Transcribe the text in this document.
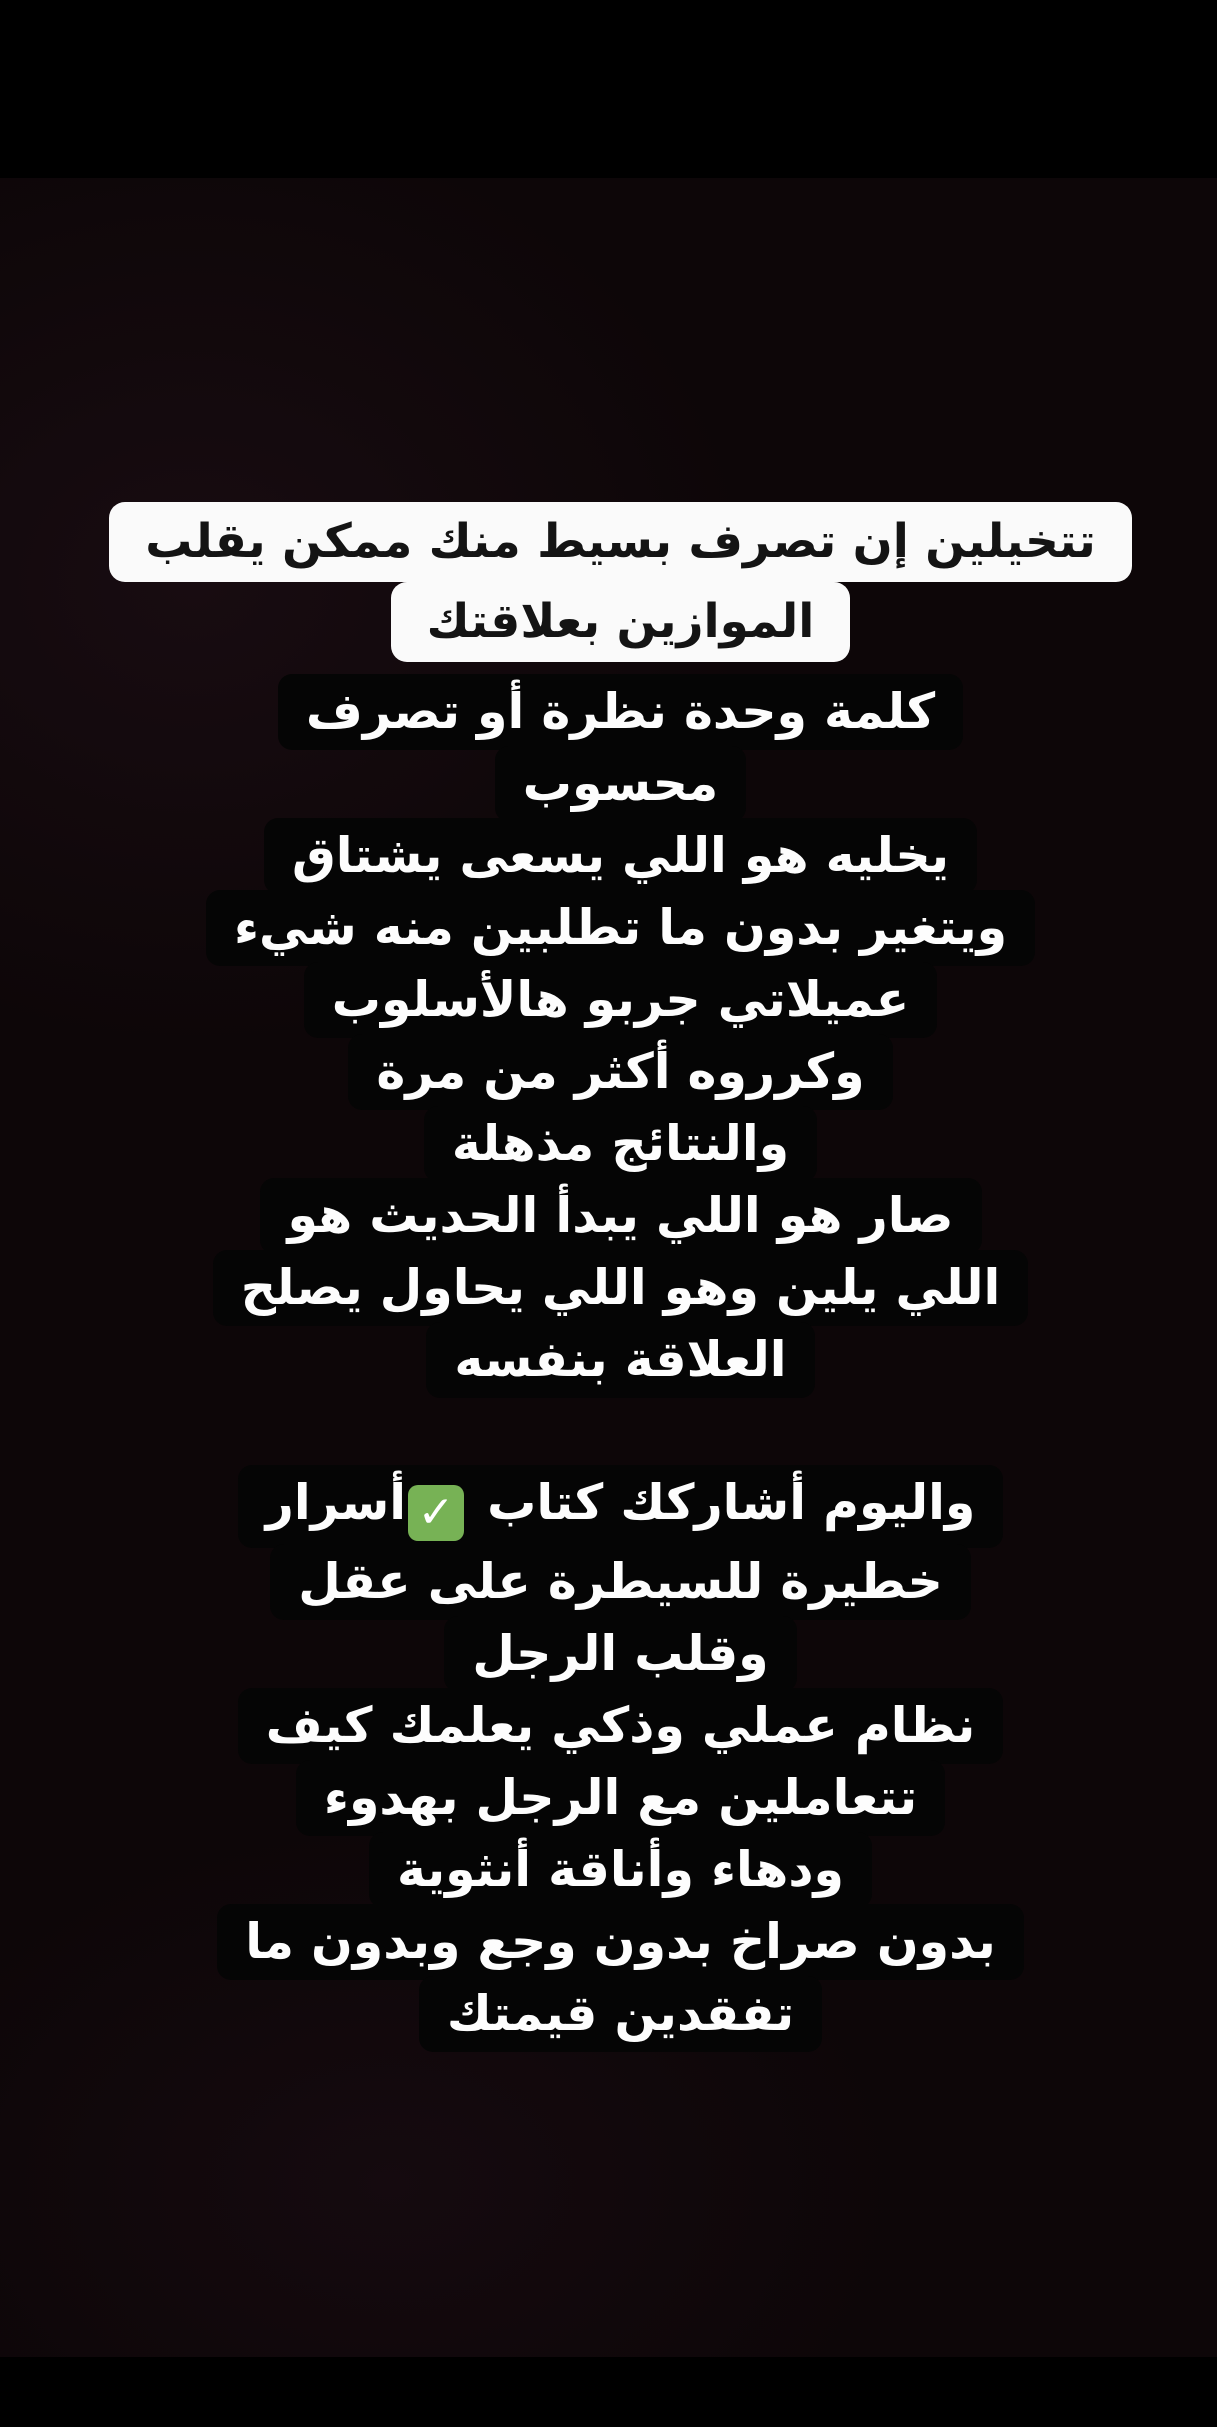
تتخيلين إن تصرف بسيط منك ممكن يقلب
الموازين بعلاقتك
كلمة وحدة نظرة أو تصرف
محسوب
يخليه هو اللي يسعى يشتاق
ويتغير بدون ما تطلبين منه شيء
عميلاتي جربو هالأسلوب
وكرروه أكثر من مرة
والنتائج مذهلة
صار هو اللي يبدأ الحديث هو
اللي يلين وهو اللي يحاول يصلح
العلاقة بنفسه
واليوم أشاركك كتاب
✓
أسرار
خطيرة للسيطرة على عقل
وقلب الرجل
نظام عملي وذكي يعلمك كيف
تتعاملين مع الرجل بهدوء
ودهاء وأناقة أنثوية
بدون صراخ بدون وجع وبدون ما
تفقدين قيمتك
